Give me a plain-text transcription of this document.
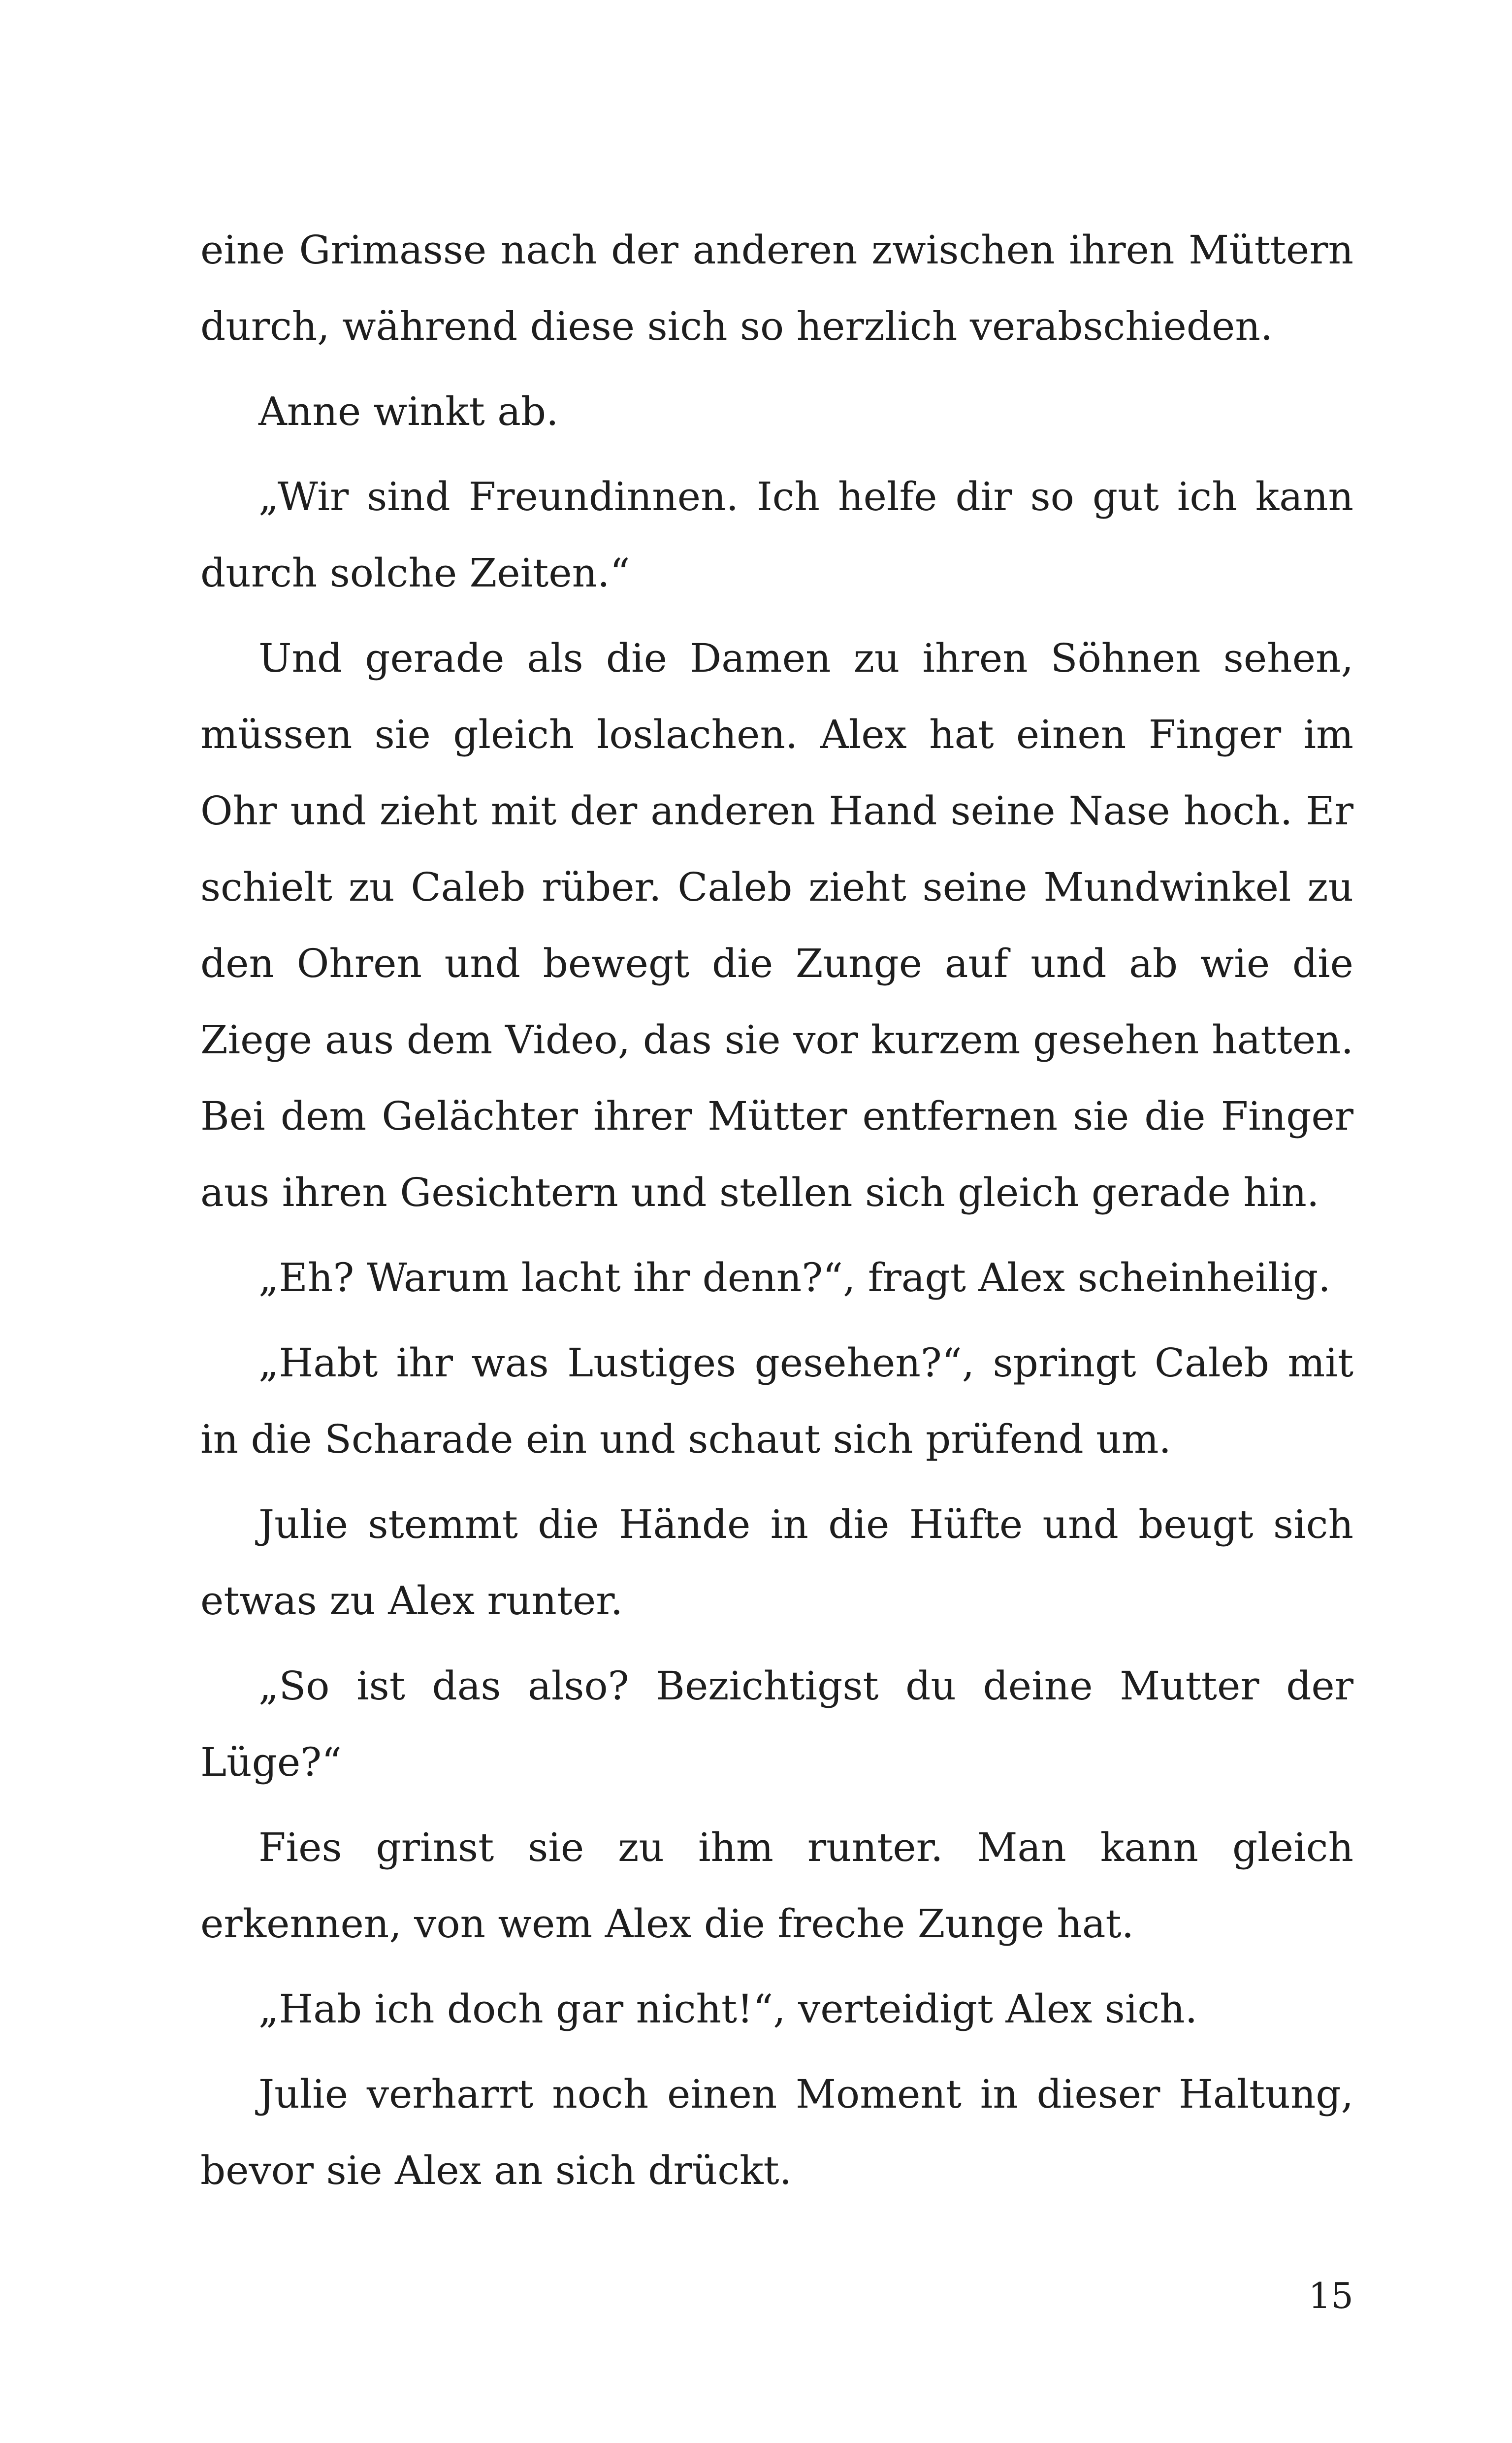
eine Grimasse nach der anderen zwischen ihren Müttern durch, während diese sich so herzlich verabschieden.

Anne winkt ab.

„Wir sind Freundinnen. Ich helfe dir so gut ich kann durch solche Zeiten.“

Und gerade als die Damen zu ihren Söhnen sehen, müssen sie gleich loslachen. Alex hat einen Finger im Ohr und zieht mit der anderen Hand seine Nase hoch. Er schielt zu Caleb rüber. Caleb zieht seine Mundwinkel zu den Ohren und bewegt die Zunge auf und ab wie die Ziege aus dem Video, das sie vor kurzem gesehen hatten. Bei dem Gelächter ihrer Mütter entfernen sie die Finger aus ihren Gesichtern und stellen sich gleich gerade hin.

„Eh? Warum lacht ihr denn?“, fragt Alex scheinheilig.

„Habt ihr was Lustiges gesehen?“, springt Caleb mit in die Scharade ein und schaut sich prüfend um.

Julie stemmt die Hände in die Hüfte und beugt sich etwas zu Alex runter.

„So ist das also? Bezichtigst du deine Mutter der Lüge?“

Fies grinst sie zu ihm runter. Man kann gleich erkennen, von wem Alex die freche Zunge hat.

„Hab ich doch gar nicht!“, verteidigt Alex sich.

Julie verharrt noch einen Moment in dieser Haltung, bevor sie Alex an sich drückt.

15
